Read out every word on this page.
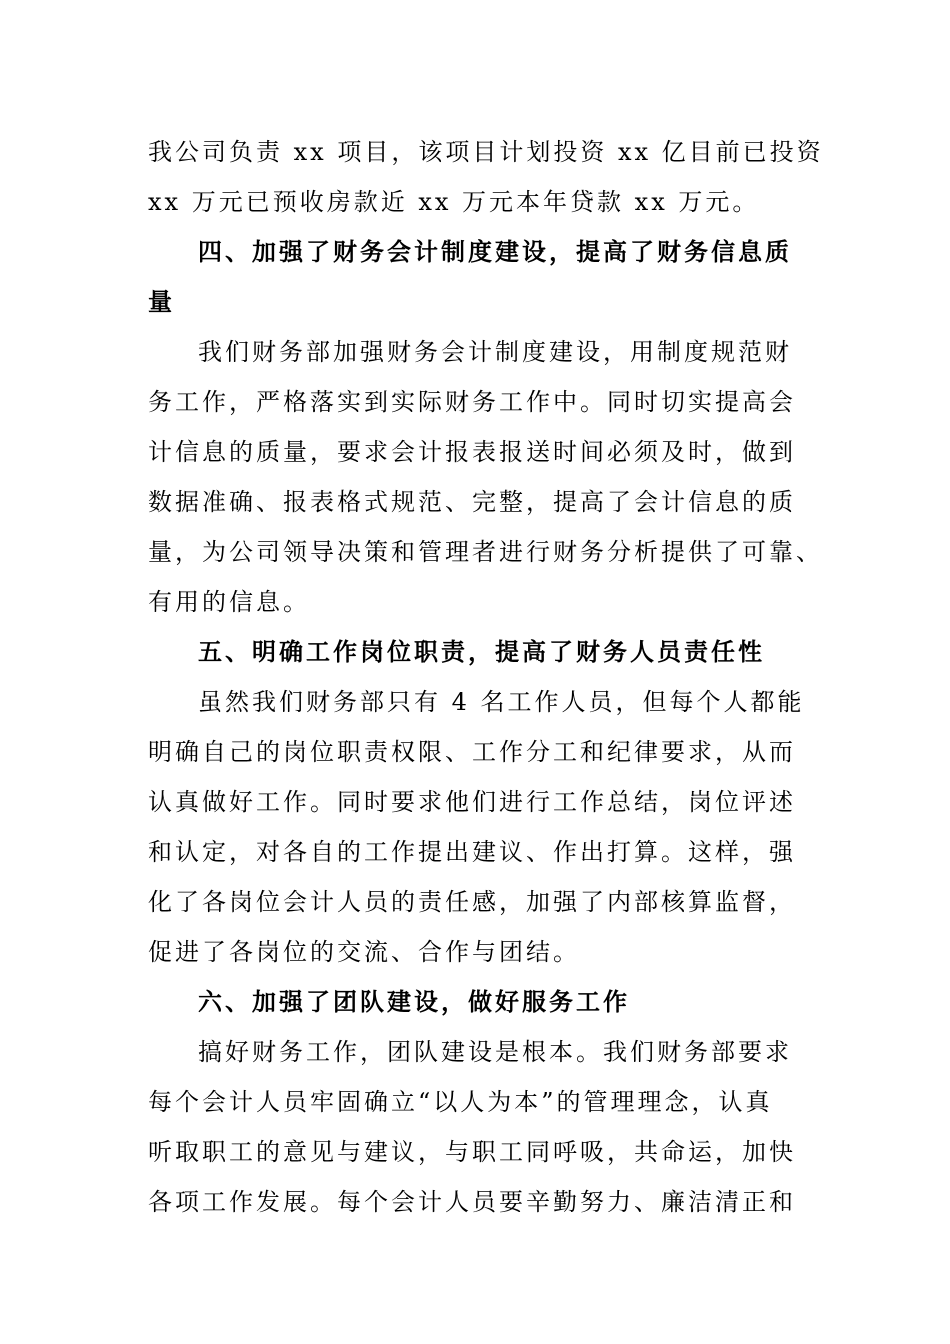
我公司负责 xx 项目，该项目计划投资 xx 亿目前已投资
xx 万元已预收房款近 xx 万元本年贷款 xx 万元。
四、加强了财务会计制度建设，提高了财务信息质
量
我们财务部加强财务会计制度建设，用制度规范财
务工作，严格落实到实际财务工作中。同时切实提高会
计信息的质量，要求会计报表报送时间必须及时，做到
数据准确、报表格式规范、完整，提高了会计信息的质
量，为公司领导决策和管理者进行财务分析提供了可靠、
有用的信息。
五、明确工作岗位职责，提高了财务人员责任性
虽然我们财务部只有 4 名工作人员，但每个人都能
明确自己的岗位职责权限、工作分工和纪律要求，从而
认真做好工作。同时要求他们进行工作总结，岗位评述
和认定，对各自的工作提出建议、作出打算。这样，强
化了各岗位会计人员的责任感，加强了内部核算监督，
促进了各岗位的交流、合作与团结。
六、加强了团队建设，做好服务工作
搞好财务工作，团队建设是根本。我们财务部要求
每个会计人员牢固确立“以人为本”的管理理念，认真
听取职工的意见与建议，与职工同呼吸，共命运，加快
各项工作发展。每个会计人员要辛勤努力、廉洁清正和
